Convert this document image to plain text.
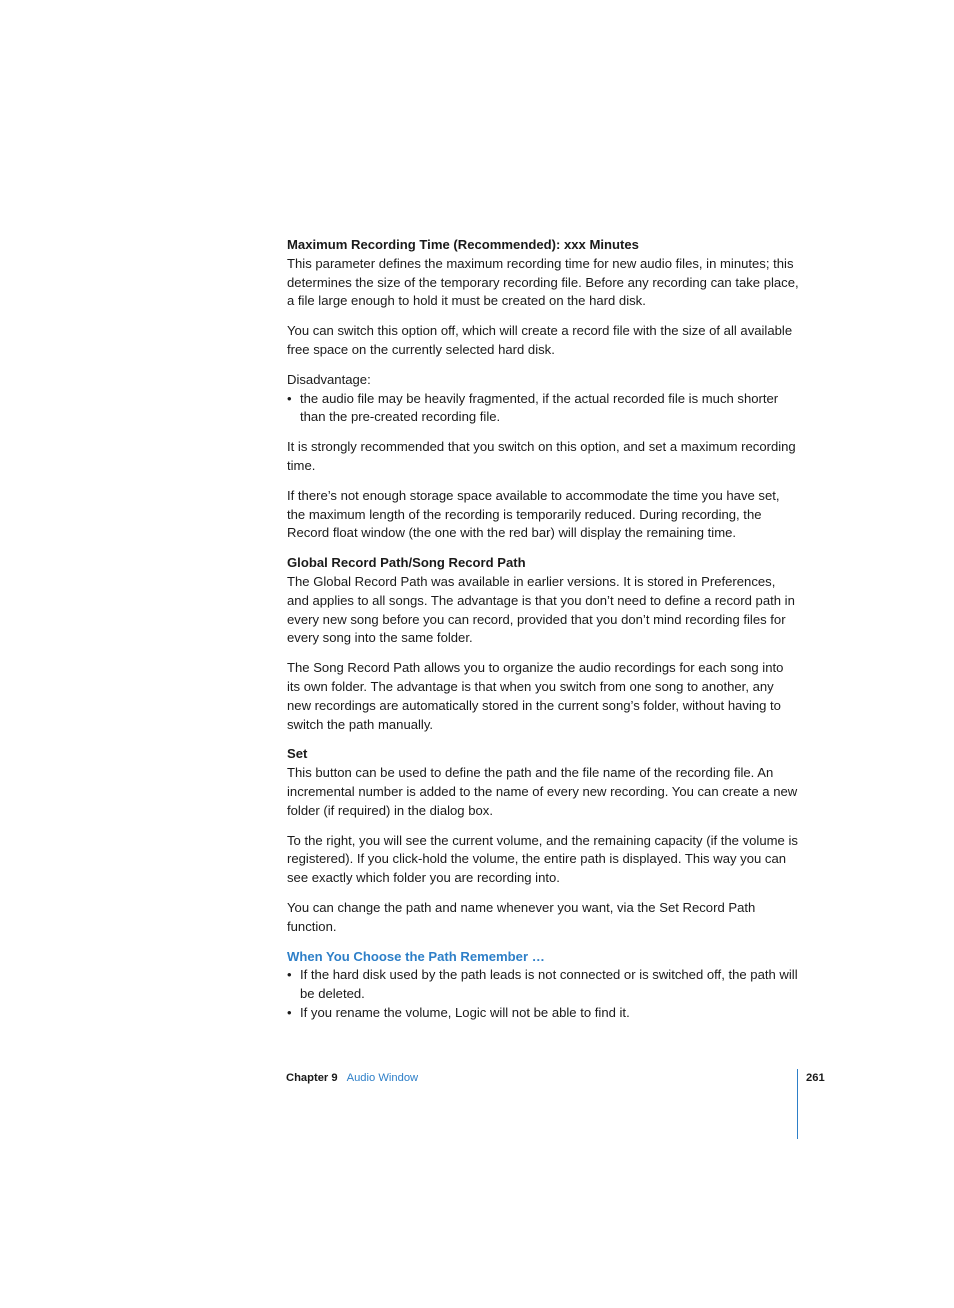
Maximum Recording Time (Recommended): xxx Minutes

This parameter defines the maximum recording time for new audio files, in minutes; this determines the size of the temporary recording file. Before any recording can take place, a file large enough to hold it must be created on the hard disk.

You can switch this option off, which will create a record file with the size of all available free space on the currently selected hard disk.

Disadvantage:

• the audio file may be heavily fragmented, if the actual recorded file is much shorter than the pre-created recording file.

It is strongly recommended that you switch on this option, and set a maximum recording time.

If there’s not enough storage space available to accommodate the time you have set, the maximum length of the recording is temporarily reduced. During recording, the Record float window (the one with the red bar) will display the remaining time.

Global Record Path/Song Record Path

The Global Record Path was available in earlier versions. It is stored in Preferences, and applies to all songs. The advantage is that you don’t need to define a record path in every new song before you can record, provided that you don’t mind recording files for every song into the same folder.

The Song Record Path allows you to organize the audio recordings for each song into its own folder. The advantage is that when you switch from one song to another, any new recordings are automatically stored in the current song’s folder, without having to switch the path manually.

Set

This button can be used to define the path and the file name of the recording file. An incremental number is added to the name of every new recording. You can create a new folder (if required) in the dialog box.

To the right, you will see the current volume, and the remaining capacity (if the volume is registered). If you click-hold the volume, the entire path is displayed. This way you can see exactly which folder you are recording into.

You can change the path and name whenever you want, via the Set Record Path function.

When You Choose the Path Remember …

• If the hard disk used by the path leads is not connected or is switched off, the path will be deleted.
• If you rename the volume, Logic will not be able to find it.
Chapter 9 Audio Window	261
